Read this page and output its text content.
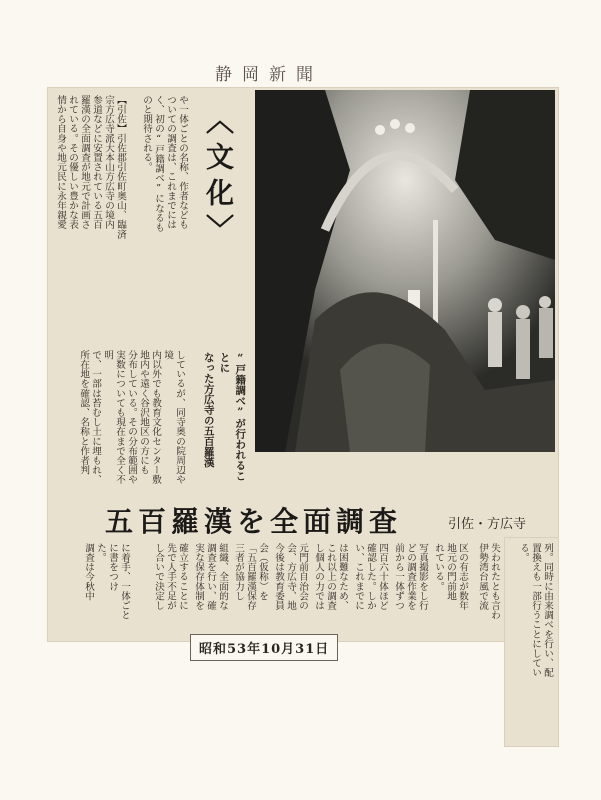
静岡新聞
【引佐】引佐郡引佐町奥山、臨済
宗方広寺派大本山方広寺の境内
参道などに安置されている五百
羅漢の全面調査が地元で計画さ
れている。その優しい豊かな表
情から自身や地元民に永年親愛	や一体ごとの名称、作者なども
ついての調査は、これまでには
く、初の“戸籍調べ”になるも
のと期待される。	〈文化〉
“戸籍調べ”が行われることに
なった方広寺の五百羅漢
しているが、同寺奥の院周辺や境
内以外でも教育文化センター敷
地内や遠く谷沢地区の方にも
分布している。その分布範囲や
実数についても現在まで全く不明
で、一部は苔むし土に埋もれ、
所在地を確認、名称と作者判
五百羅漢を全面調査	引佐・方広寺
に着手、一体ごとに書をつけ
た。
調査は今秋中	確立することに
先で人手不足が
し合いで決定し	組織、全面的な
調査を行い、確
実な保存体制を	会（仮称）を
「五百羅漢保存
三者が協力し	元門前自治会の
会、方広寺、地
今後は教育委員	は困難なため、
これ以上の調査
し個人の力では	四百六十体ほど
確認した。しか
い、これまでに	写真撮影をし行
どの調査作業を
前から一体ずつ	区の有志が数年
地元の門前地
れている。	失われたとも言わ
伊勢湾台風で流	列。同時に由来調べを行い、配
置換えも一部行うことにしてい
る。
昭和53年10月31日
